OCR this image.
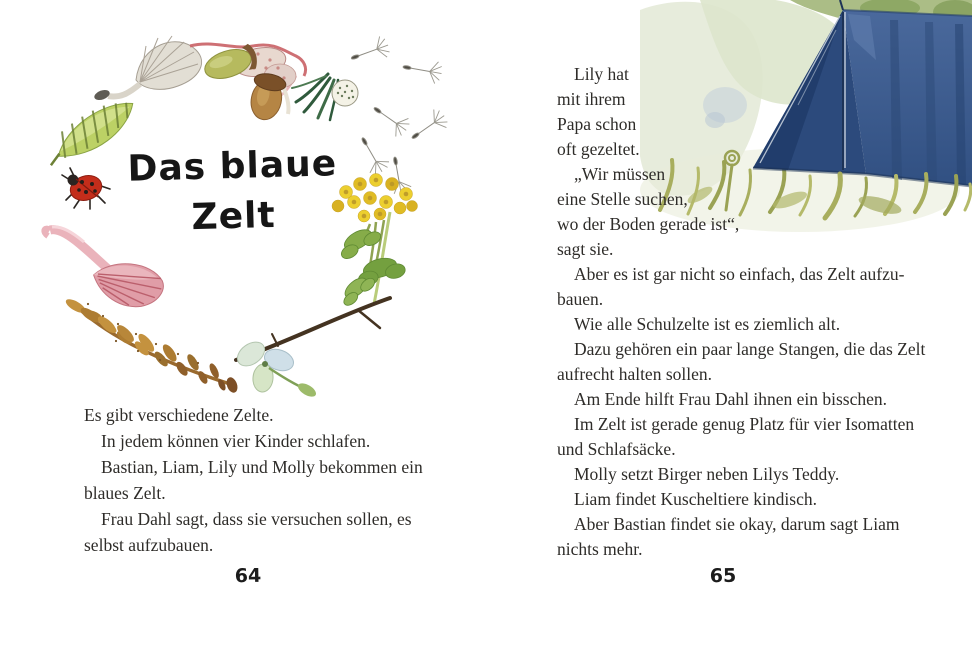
Das blaue
Zelt
Es gibt verschiedene Zelte.
In jedem können vier Kinder schlafen.
Bastian, Liam, Lily und Molly bekommen ein
blaues Zelt.
Frau Dahl sagt, dass sie versuchen sollen, es
selbst aufzubauen.
64
Lily hat
mit ihrem
Papa schon
oft gezeltet.
„Wir müssen
eine Stelle suchen,
wo der Boden gerade ist“,
sagt sie.
Aber es ist gar nicht so einfach, das Zelt aufzu-
bauen.
Wie alle Schulzelte ist es ziemlich alt.
Dazu gehören ein paar lange Stangen, die das Zelt
aufrecht halten sollen.
Am Ende hilft Frau Dahl ihnen ein bisschen.
Im Zelt ist gerade genug Platz für vier Isomatten
und Schlafsäcke.
Molly setzt Birger neben Lilys Teddy.
Liam findet Kuscheltiere kindisch.
Aber Bastian findet sie okay, darum sagt Liam
nichts mehr.
65
